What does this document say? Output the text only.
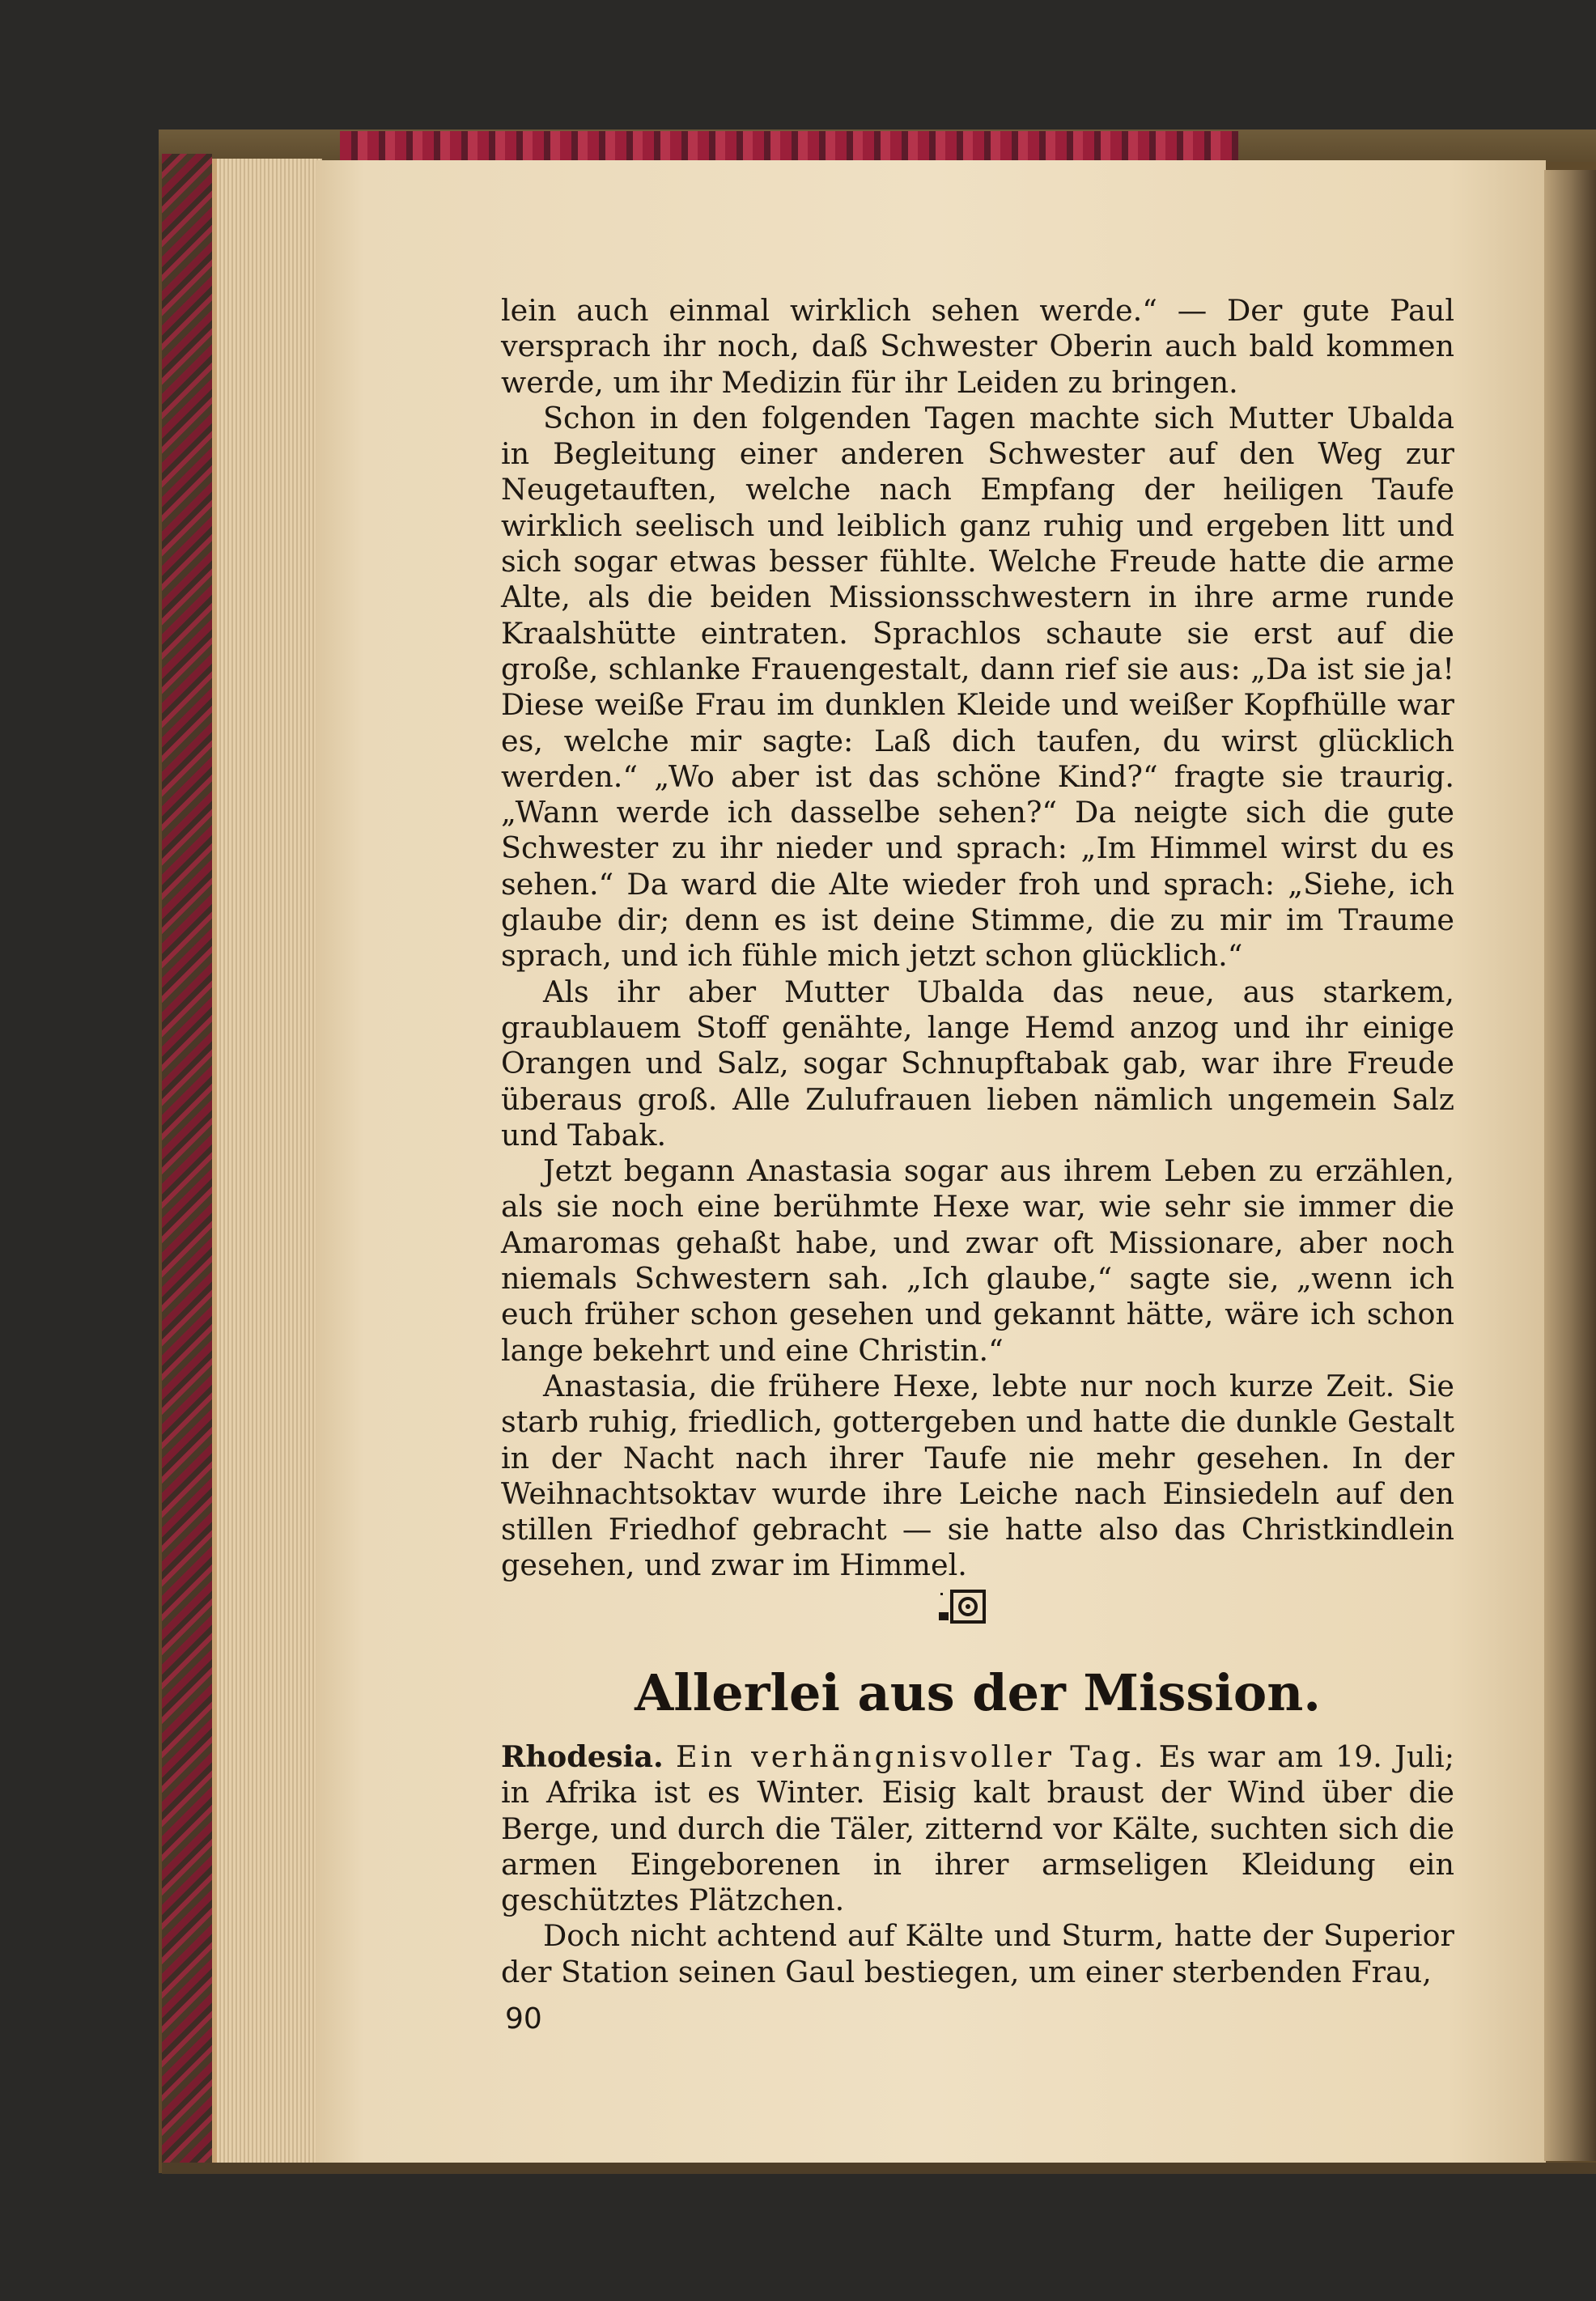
lein auch einmal wirklich sehen werde.“ — Der gute Paul versprach ihr noch, daß Schwester Oberin auch bald kommen werde, um ihr Medizin für ihr Leiden zu bringen.

Schon in den folgenden Tagen machte sich Mutter Ubalda in Begleitung einer anderen Schwester auf den Weg zur Neugetauften, welche nach Empfang der heiligen Taufe wirklich seelisch und leiblich ganz ruhig und ergeben litt und sich sogar etwas besser fühlte. Welche Freude hatte die arme Alte, als die beiden Missionsschwestern in ihre arme runde Kraalshütte eintraten. Sprachlos schaute sie erst auf die große, schlanke Frauengestalt, dann rief sie aus: „Da ist sie ja! Diese weiße Frau im dunklen Kleide und weißer Kopfhülle war es, welche mir sagte: Laß dich taufen, du wirst glücklich werden.“ „Wo aber ist das schöne Kind?“ fragte sie traurig. „Wann werde ich dasselbe sehen?“ Da neigte sich die gute Schwester zu ihr nieder und sprach: „Im Himmel wirst du es sehen.“ Da ward die Alte wieder froh und sprach: „Siehe, ich glaube dir; denn es ist deine Stimme, die zu mir im Traume sprach, und ich fühle mich jetzt schon glücklich.“

Als ihr aber Mutter Ubalda das neue, aus starkem, graublauem Stoff genähte, lange Hemd anzog und ihr einige Orangen und Salz, sogar Schnupftabak gab, war ihre Freude überaus groß. Alle Zulufrauen lieben nämlich ungemein Salz und Tabak.

Jetzt begann Anastasia sogar aus ihrem Leben zu erzählen, als sie noch eine berühmte Hexe war, wie sehr sie immer die Amaromas gehaßt habe, und zwar oft Missionare, aber noch niemals Schwestern sah. „Ich glaube,“ sagte sie, „wenn ich euch früher schon gesehen und gekannt hätte, wäre ich schon lange bekehrt und eine Christin.“

Anastasia, die frühere Hexe, lebte nur noch kurze Zeit. Sie starb ruhig, friedlich, gottergeben und hatte die dunkle Gestalt in der Nacht nach ihrer Taufe nie mehr gesehen. In der Weihnachtsoktav wurde ihre Leiche nach Einsiedeln auf den stillen Friedhof gebracht — sie hatte also das Christkindlein gesehen, und zwar im Himmel.

Allerlei aus der Mission.

Rhodesia. Ein verhängnisvoller Tag. Es war am 19. Juli; in Afrika ist es Winter. Eisig kalt braust der Wind über die Berge, und durch die Täler, zitternd vor Kälte, suchten sich die armen Eingeborenen in ihrer armseligen Kleidung ein geschütztes Plätzchen.

Doch nicht achtend auf Kälte und Sturm, hatte der Superior der Station seinen Gaul bestiegen, um einer sterbenden Frau,

90
